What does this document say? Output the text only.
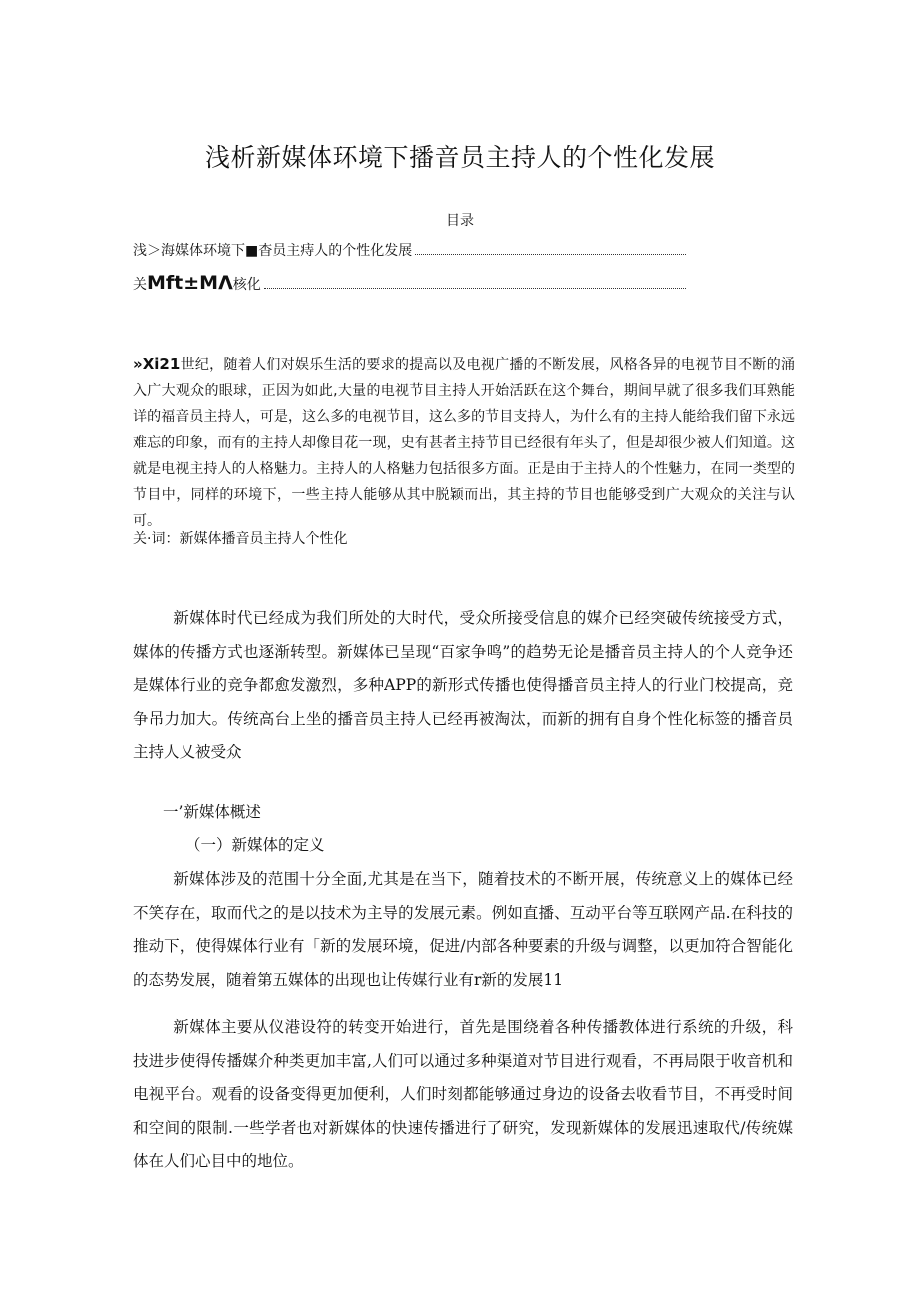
浅析新媒体环境下播音员主持人的个性化发展
目录
浅＞海媒体环境下■杳员主痔人的个性化发展
关 Mft±MΛ 核化

»Xi21世纪，随着人们对娱乐生活的要求的提高以及电视广播的不断发展，风格各异的电视节目不断的涌入广大观众的眼球，正因为如此,大量的电视节目主持人开始活跃在这个舞台，期间早就了很多我们耳熟能详的福音员主持人，可是，这么多的电视节目，这么多的节目支持人，为什么有的主持人能给我们留下永远难忘的印象，而有的主持人却像目花一现，史有甚者主持节目已经很有年头了，但是却很少被人们知道。这就是电视主持人的人格魅力。主持人的人格魅力包括很多方面。正是由于主持人的个性魅力，在同一类型的节目中，同样的环境下，一些主持人能够从其中脱颖而出，其主持的节目也能够受到广大观众的关注与认可。

关·词：新媒体播音员主持人个性化

新媒体时代已经成为我们所处的大时代，受众所接受信息的媒介已经突破传统接受方式，媒体的传播方式也逐渐转型。新媒体已呈现“百家争鸣”的趋势无论是播音员主持人的个人竞争还是媒体行业的竞争都愈发激烈，多种APP的新形式传播也使得播音员主持人的行业门校提高，竞争吊力加大。传统高台上坐的播音员主持人已经再被淘汰，而新的拥有自身个性化标签的播音员主持人乂被受众

一’新媒体概述
（一）新媒体的定义

新媒体涉及的范围十分全面,尤其是在当下，随着技术的不断开展，传统意义上的媒体已经不笑存在，取而代之的是以技术为主导的发展元素。例如直播、互动平台等互联网产品.在科技的推动下，使得媒体行业有「新的发展环境，促进/内部各种要素的升级与调整，以更加符合智能化的态势发展，随着第五媒体的出现也让传媒行业有r新的发展11

新媒体主要从仪港设符的转变开始进行，首先是围绕着各种传播教体进行系统的升级，科技进步使得传播媒介种类更加丰富,人们可以通过多种渠道对节目进行观看，不再局限于收音机和电视平台。观看的设备变得更加便利，人们时刻都能够通过身边的设备去收看节目，不再受时间和空间的限制.一些学者也对新媒体的快速传播进行了研究，发现新媒体的发展迅速取代/传统媒体在人们心目中的地位。
